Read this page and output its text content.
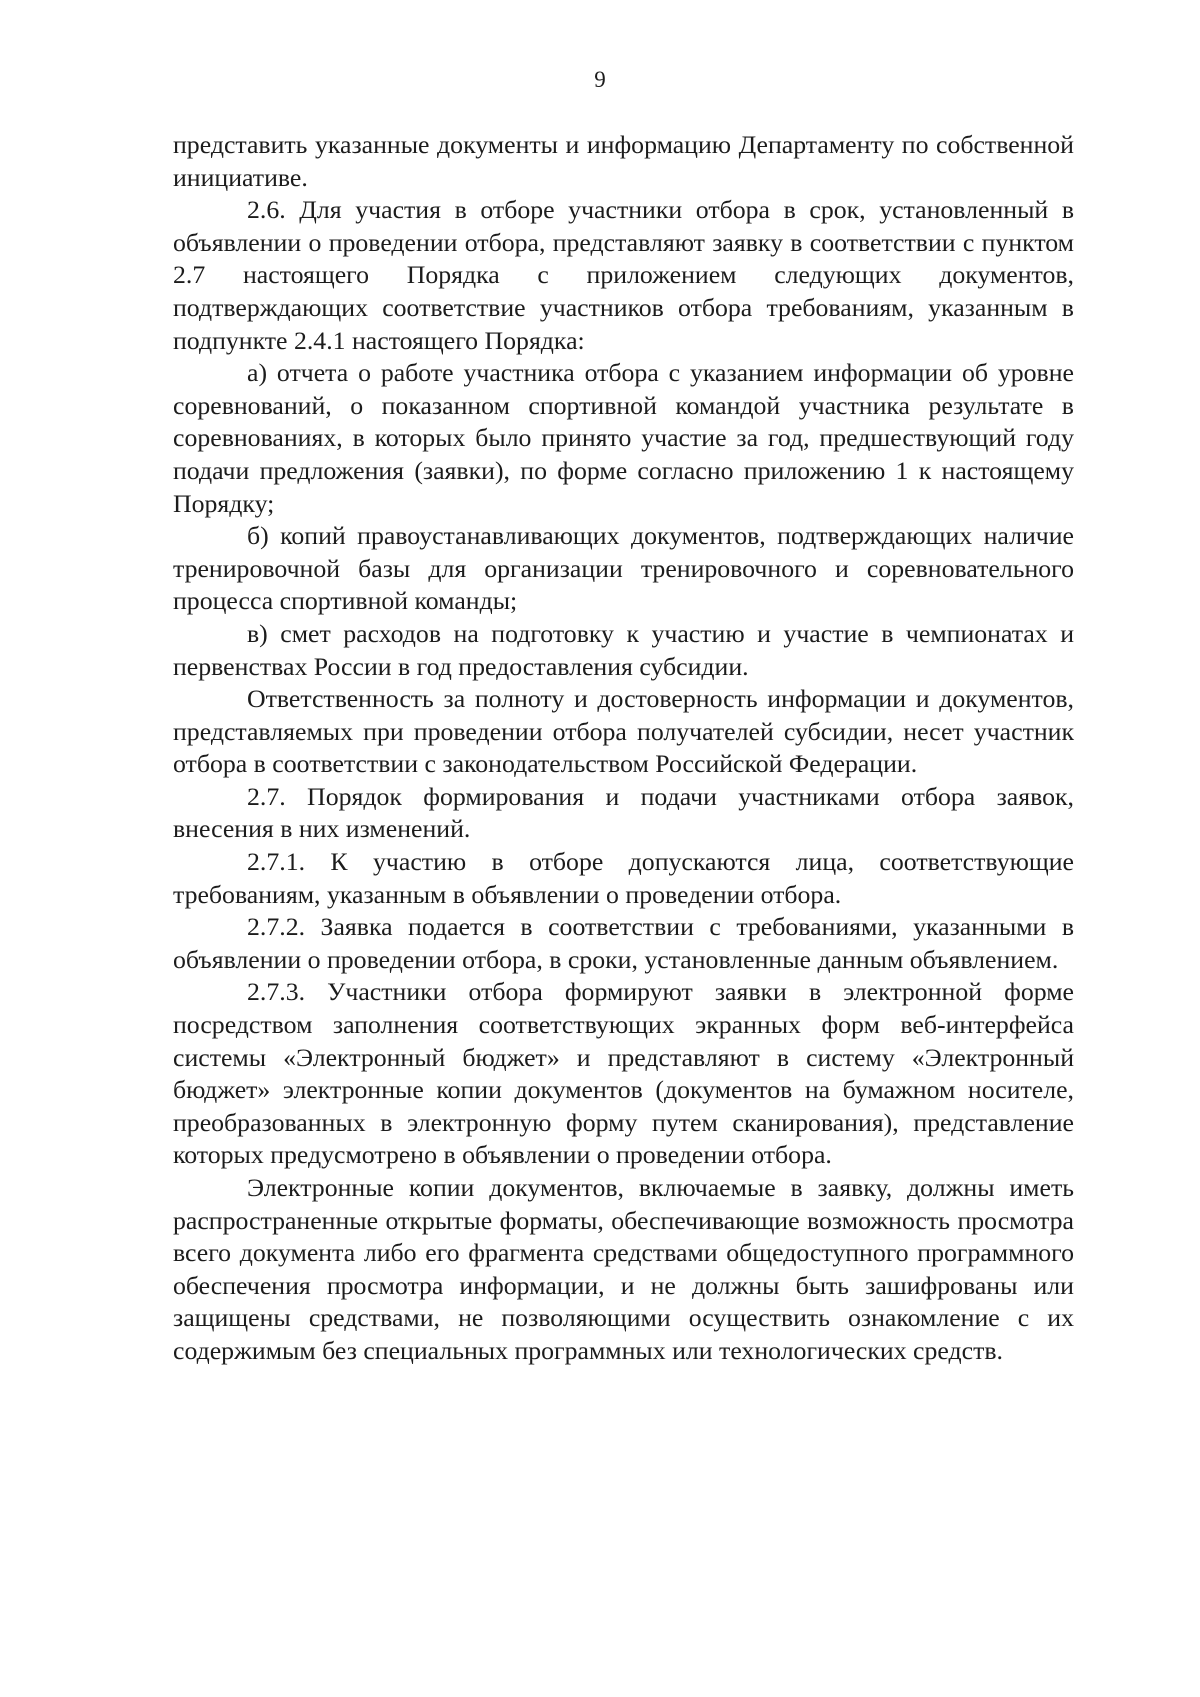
9

представить указанные документы и информацию Департаменту по собственной инициативе.

2.6. Для участия в отборе участники отбора в срок, установленный в объявлении о проведении отбора, представляют заявку в соответствии с пунктом 2.7 настоящего Порядка с приложением следующих документов, подтверждающих соответствие участников отбора требованиям, указанным в подпункте 2.4.1 настоящего Порядка:

а) отчета о работе участника отбора с указанием информации об уровне соревнований, о показанном спортивной командой участника результате в соревнованиях, в которых было принято участие за год, предшествующий году подачи предложения (заявки), по форме согласно приложению 1 к настоящему Порядку;

б) копий правоустанавливающих документов, подтверждающих наличие тренировочной базы для организации тренировочного и соревновательного процесса спортивной команды;

в) смет расходов на подготовку к участию и участие в чемпионатах и первенствах России в год предоставления субсидии.

Ответственность за полноту и достоверность информации и документов, представляемых при проведении отбора получателей субсидии, несет участник отбора в соответствии с законодательством Российской Федерации.

2.7. Порядок формирования и подачи участниками отбора заявок, внесения в них изменений.

2.7.1. К участию в отборе допускаются лица, соответствующие требованиям, указанным в объявлении о проведении отбора.

2.7.2. Заявка подается в соответствии с требованиями, указанными в объявлении о проведении отбора, в сроки, установленные данным объявлением.

2.7.3. Участники отбора формируют заявки в электронной форме посредством заполнения соответствующих экранных форм веб-интерфейса системы «Электронный бюджет» и представляют в систему «Электронный бюджет» электронные копии документов (документов на бумажном носителе, преобразованных в электронную форму путем сканирования), представление которых предусмотрено в объявлении о проведении отбора.

Электронные копии документов, включаемые в заявку, должны иметь распространенные открытые форматы, обеспечивающие возможность просмотра всего документа либо его фрагмента средствами общедоступного программного обеспечения просмотра информации, и не должны быть зашифрованы или защищены средствами, не позволяющими осуществить ознакомление с их содержимым без специальных программных или технологических средств.
